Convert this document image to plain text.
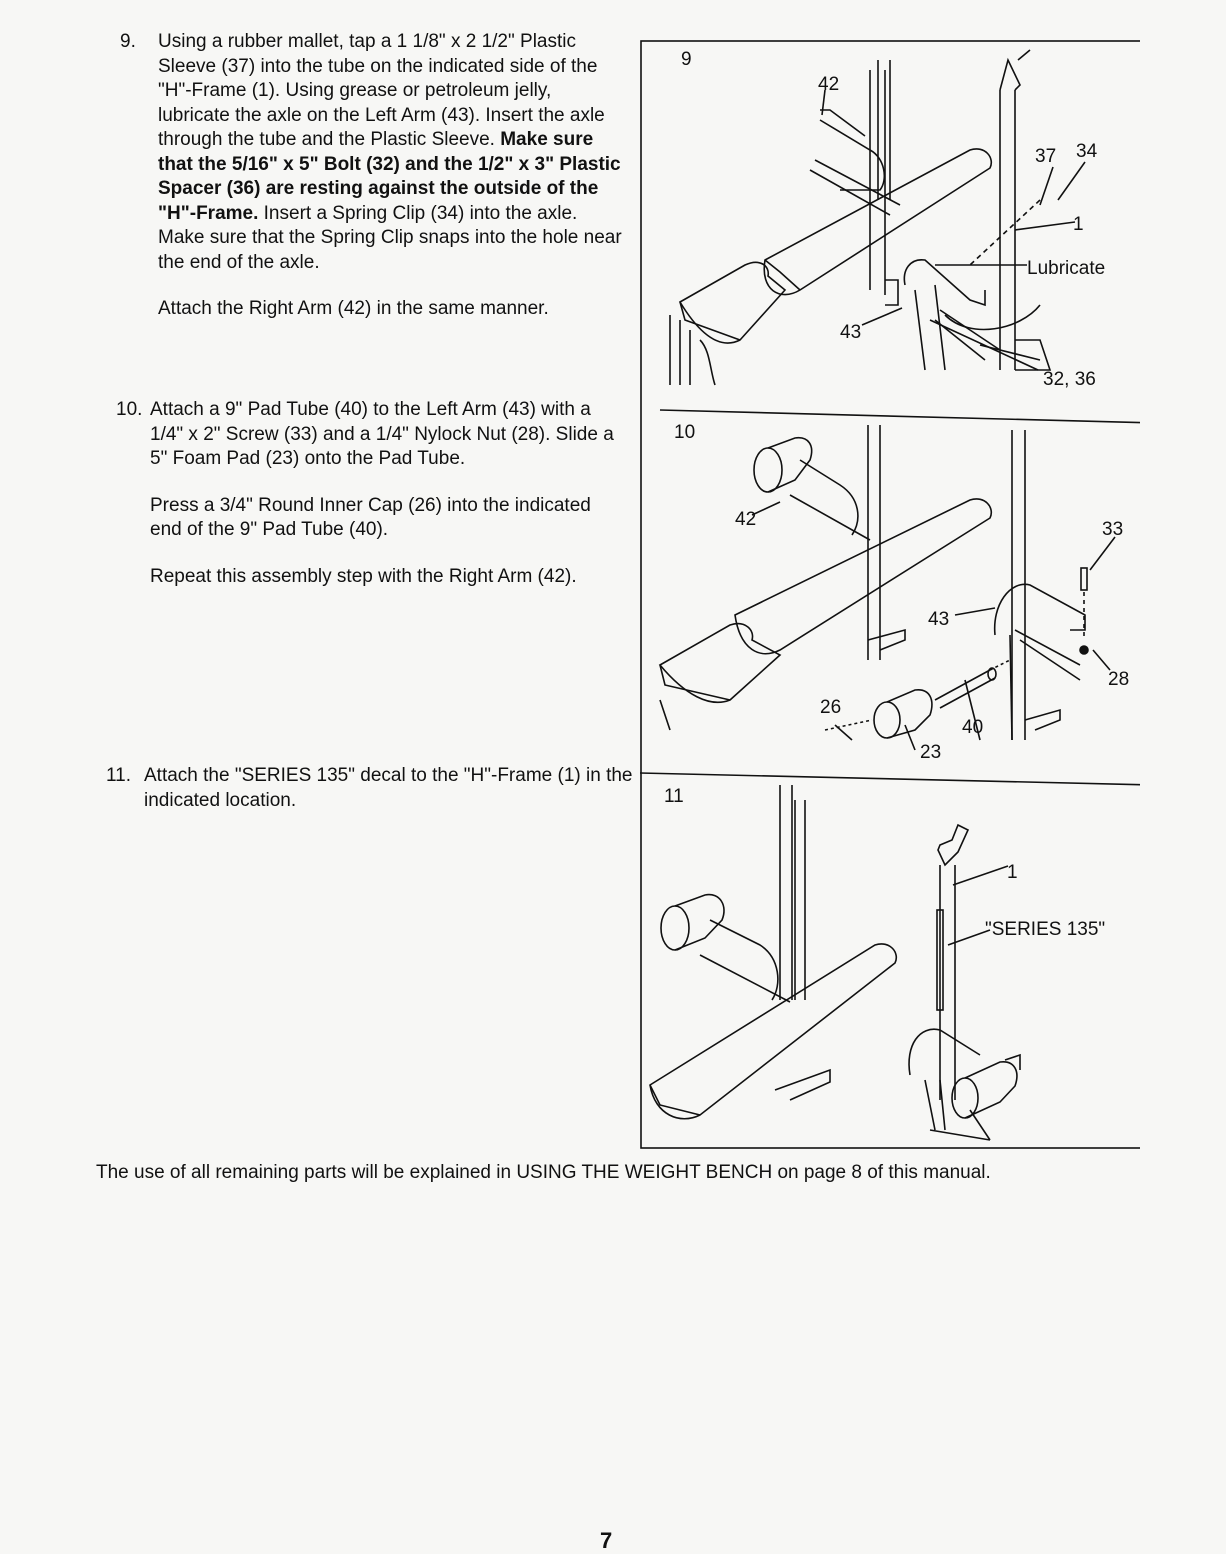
9. Using a rubber mallet, tap a 1 1/8" x 2 1/2" Plastic Sleeve (37) into the tube on the indicated side of the "H"-Frame (1). Using grease or petroleum jelly, lubricate the axle on the Left Arm (43). Insert the axle through the tube and the Plastic Sleeve. Make sure that the 5/16" x 5" Bolt (32) and the 1/2" x 3" Plastic Spacer (36) are resting against the outside of the "H"-Frame. Insert a Spring Clip (34) into the axle. Make sure that the Spring Clip snaps into the hole near the end of the axle.

Attach the Right Arm (42) in the same manner.

10. Attach a 9" Pad Tube (40) to the Left Arm (43) with a 1/4" x 2" Screw (33) and a 1/4" Nylock Nut (28). Slide a 5" Foam Pad (23) onto the Pad Tube.

Press a 3/4" Round Inner Cap (26) into the indicated end of the 9" Pad Tube (40).

Repeat this assembly step with the Right Arm (42).

11. Attach the "SERIES 135" decal to the "H"-Frame (1) in the indicated location.

9
42
37 34
1
Lubricate
43
32, 36
10
42	33
43
28
26
40
23
11
1
"SERIES 135"
The use of all remaining parts will be explained in USING THE WEIGHT BENCH on page 8 of this manual.
7
